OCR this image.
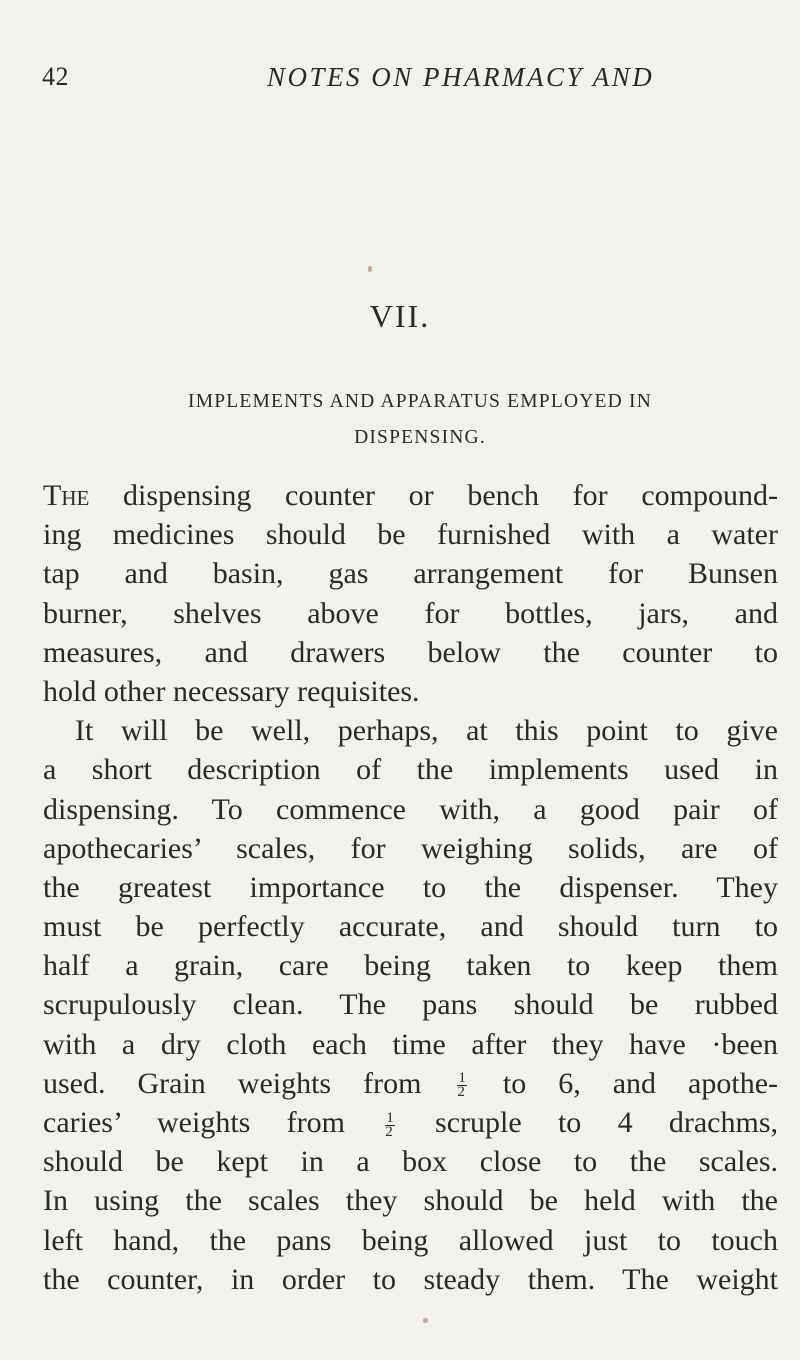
42	NOTES ON PHARMACY AND
VII.
IMPLEMENTS AND APPARATUS EMPLOYED IN
DISPENSING.
The dispensing counter or bench for compound-
ing medicines should be furnished with a water
tap and basin, gas arrangement for Bunsen
burner, shelves above for bottles, jars, and
measures, and drawers below the counter to
hold other necessary requisites.
It will be well, perhaps, at this point to give
a short description of the implements used in
dispensing. To commence with, a good pair of
apothecaries’ scales, for weighing solids, are of
the greatest importance to the dispenser. They
must be perfectly accurate, and should turn to
half a grain, care being taken to keep them
scrupulously clean. The pans should be rubbed
with a dry cloth each time after they have ·been
used. Grain weights from $\frac{1}{2}$ to 6, and apothe-
caries’ weights from	$\frac{1}{2}$ scruple to 4 drachms,
should be kept in a box close to the scales.
In using the scales they should be held with the
left hand, the pans being allowed just to touch
the counter, in order to steady them. The weight
